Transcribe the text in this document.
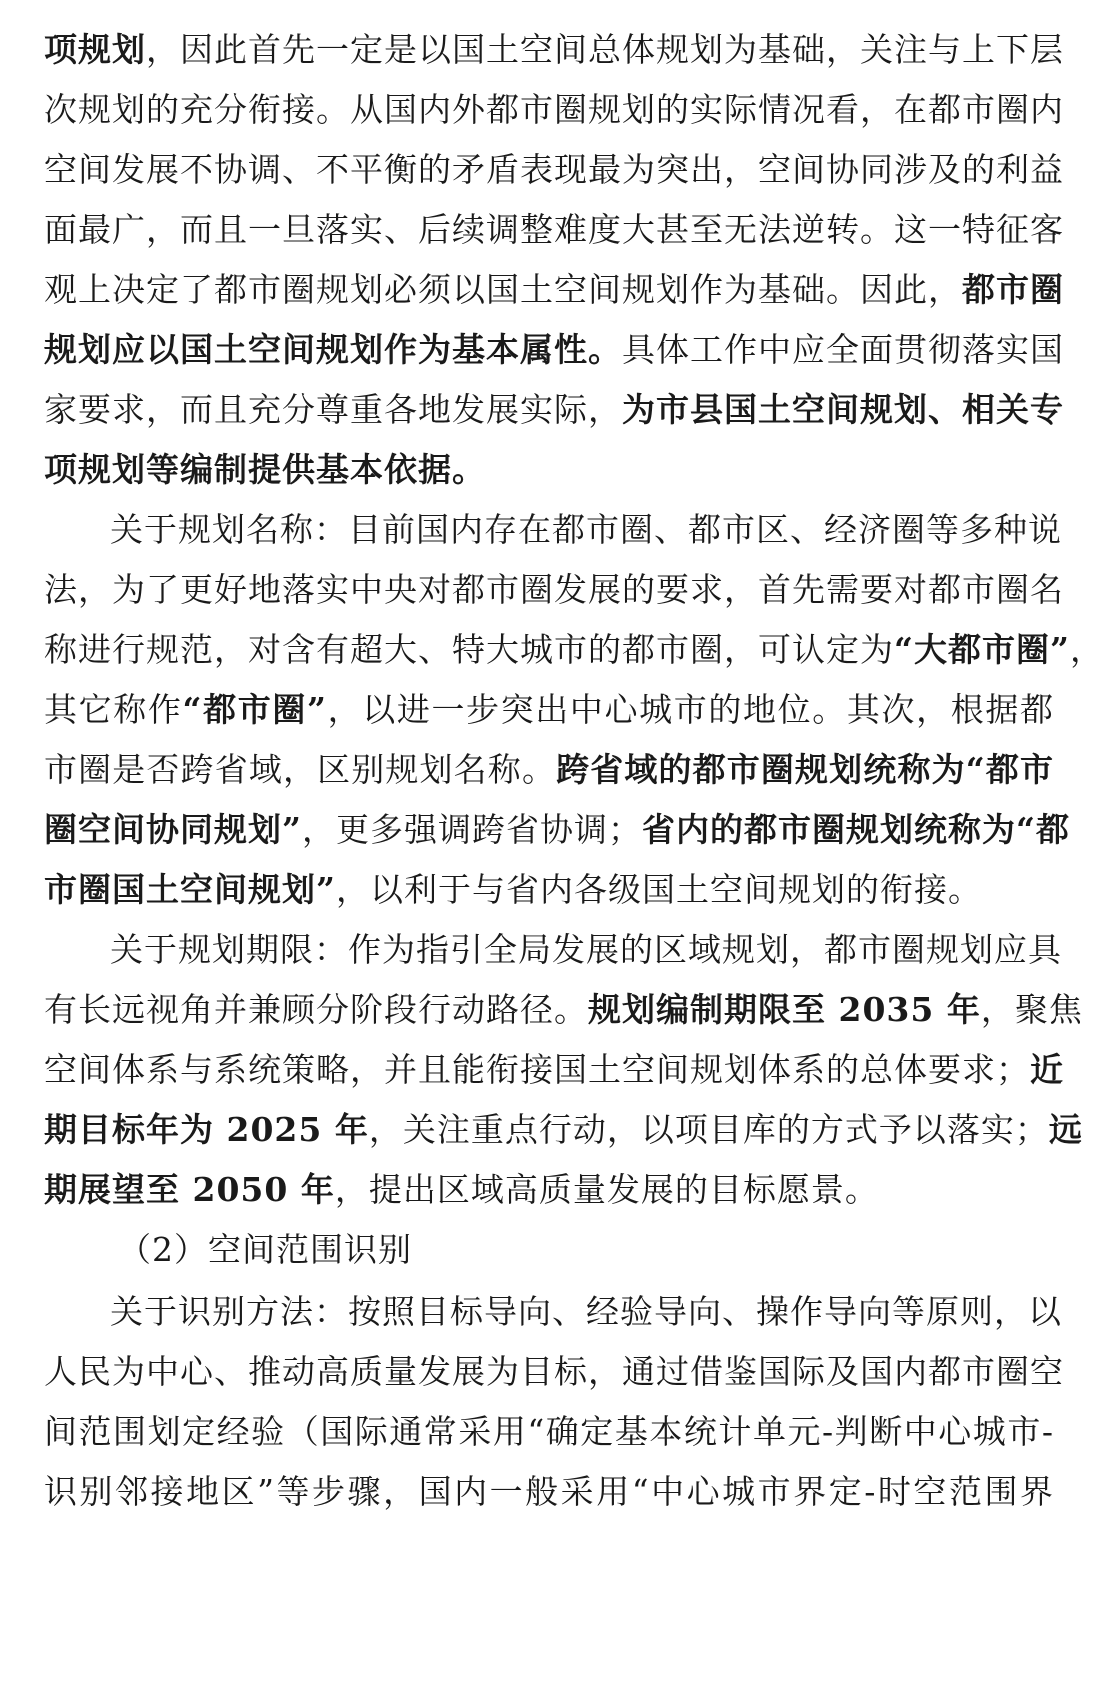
项规划，因此首先一定是以国土空间总体规划为基础，关注与上下层
次规划的充分衔接。从国内外都市圈规划的实际情况看，在都市圈内
空间发展不协调、不平衡的矛盾表现最为突出，空间协同涉及的利益
面最广，而且一旦落实、后续调整难度大甚至无法逆转。这一特征客
观上决定了都市圈规划必须以国土空间规划作为基础。因此，都市圈
规划应以国土空间规划作为基本属性。具体工作中应全面贯彻落实国
家要求，而且充分尊重各地发展实际，为市县国土空间规划、相关专
项规划等编制提供基本依据。
关于规划名称：目前国内存在都市圈、都市区、经济圈等多种说
法，为了更好地落实中央对都市圈发展的要求，首先需要对都市圈名
称进行规范，对含有超大、特大城市的都市圈，可认定为“大都市圈”，
其它称作“都市圈”，以进一步突出中心城市的地位。其次，根据都
市圈是否跨省域，区别规划名称。跨省域的都市圈规划统称为“都市
圈空间协同规划”，更多强调跨省协调；省内的都市圈规划统称为“都
市圈国土空间规划”，以利于与省内各级国土空间规划的衔接。
关于规划期限：作为指引全局发展的区域规划，都市圈规划应具
有长远视角并兼顾分阶段行动路径。规划编制期限至 2035 年，聚焦
空间体系与系统策略，并且能衔接国土空间规划体系的总体要求；近
期目标年为 2025 年，关注重点行动，以项目库的方式予以落实；远
期展望至 2050 年，提出区域高质量发展的目标愿景。
（2）空间范围识别
关于识别方法：按照目标导向、经验导向、操作导向等原则，以
人民为中心、推动高质量发展为目标，通过借鉴国际及国内都市圈空
间范围划定经验（国际通常采用“确定基本统计单元-判断中心城市-
识别邻接地区”等步骤，国内一般采用“中心城市界定-时空范围界
